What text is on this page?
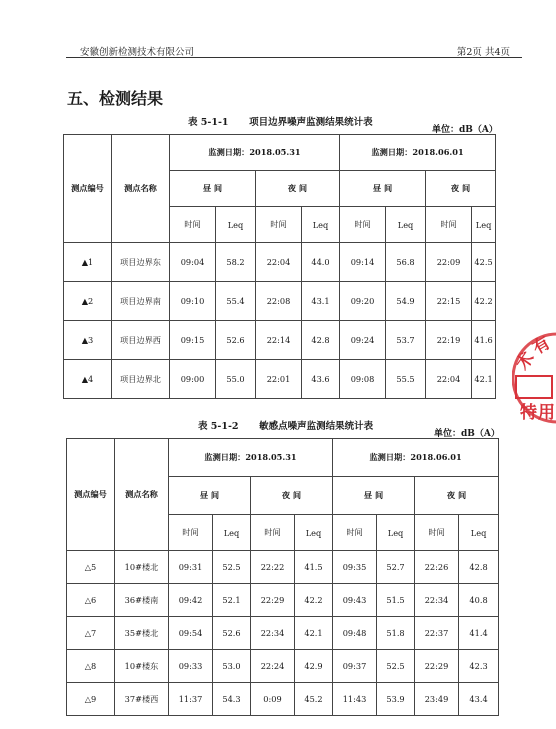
安徽创新检测技术有限公司	第2页 共4页
五、检测结果
表 5-1-1 项目边界噪声监测结果统计表
单位：dB（A）
测点编号	测点名称	监测日期：2018.05.31				监测日期：2018.06.01			
		昼 间		夜 间		昼 间		夜 间	
		时间	Leq	时间	Leq	时间	Leq	时间	Leq
▲1	项目边界东	09:04	58.2	22:04	44.0	09:14	56.8	22:09	42.5
▲2	项目边界南	09:10	55.4	22:08	43.1	09:20	54.9	22:15	42.2
▲3	项目边界西	09:15	52.6	22:14	42.8	09:24	53.7	22:19	41.6
▲4	项目边界北	09:00	55.0	22:01	43.6	09:08	55.5	22:04	42.1
表 5-1-2 敏感点噪声监测结果统计表
单位：dB（A）
测点编号	测点名称	监测日期：2018.05.31				监测日期：2018.06.01			
		昼 间		夜 间		昼 间		夜 间	
		时间	Leq	时间	Leq	时间	Leq	时间	Leq
△5	10#楼北	09:31	52.5	22:22	41.5	09:35	52.7	22:26	42.8
△6	36#楼南	09:42	52.1	22:29	42.2	09:43	51.5	22:34	40.8
△7	35#楼北	09:54	52.6	22:34	42.1	09:48	51.8	22:37	41.4
△8	10#楼东	09:33	53.0	22:24	42.9	09:37	52.5	22:29	42.3
△9	37#楼西	11:37	54.3	0:09	45.2	11:43	53.9	23:49	43.4
术
有
特 用
